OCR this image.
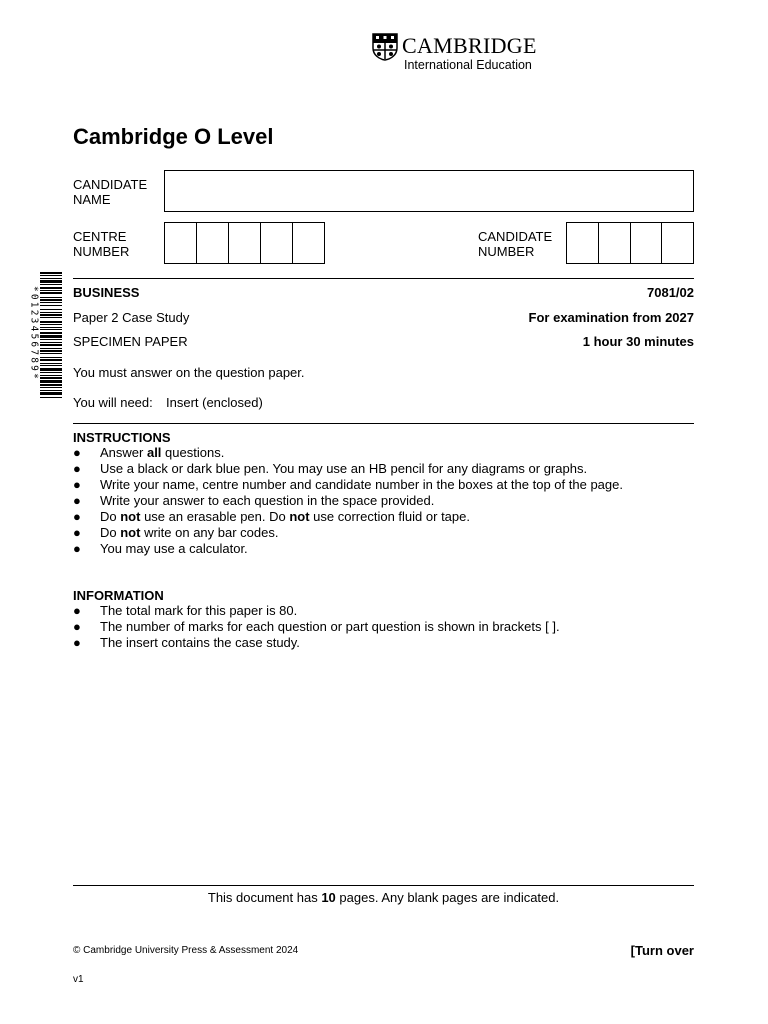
CAMBRIDGE
International Education
Cambridge O Level
CANDIDATE
NAME
CENTRE
NUMBER
CANDIDATE
NUMBER
*0123456789*	BUSINESS	7081/02
Paper 2 Case Study	For examination from 2027
SPECIMEN PAPER	1 hour 30 minutes
You must answer on the question paper.
You will need: Insert (enclosed)
INSTRUCTIONS
● Answer all questions.
● Use a black or dark blue pen. You may use an HB pencil for any diagrams or graphs.
● Write your name, centre number and candidate number in the boxes at the top of the page.
● Write your answer to each question in the space provided.
● Do not use an erasable pen. Do not use correction fluid or tape.
● Do not write on any bar codes.
● You may use a calculator.
INFORMATION
● The total mark for this paper is 80.
● The number of marks for each question or part question is shown in brackets [ ].
● The insert contains the case study.
This document has 10 pages. Any blank pages are indicated.
© Cambridge University Press & Assessment 2024	[Turn over
v1
